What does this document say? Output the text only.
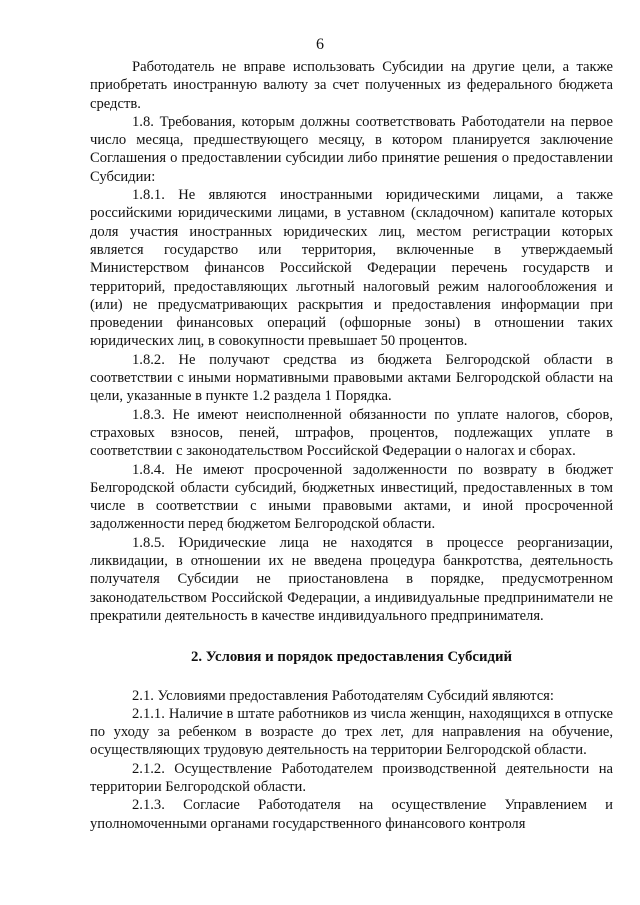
6

Работодатель не вправе использовать Субсидии на другие цели, а также приобретать иностранную валюту за счет полученных из федерального бюджета средств.

1.8. Требования, которым должны соответствовать Работодатели на первое число месяца, предшествующего месяцу, в котором планируется заключение Соглашения о предоставлении субсидии либо принятие решения о предоставлении Субсидии:

1.8.1. Не являются иностранными юридическими лицами, а также российскими юридическими лицами, в уставном (складочном) капитале которых доля участия иностранных юридических лиц, местом регистрации которых является государство или территория, включенные в утверждаемый Министерством финансов Российской Федерации перечень государств и территорий, предоставляющих льготный налоговый режим налогообложения и (или) не предусматривающих раскрытия и предоставления информации при проведении финансовых операций (офшорные зоны) в отношении таких юридических лиц, в совокупности превышает 50 процентов.

1.8.2. Не получают средства из бюджета Белгородской области в соответствии с иными нормативными правовыми актами Белгородской области на цели, указанные в пункте 1.2 раздела 1 Порядка.

1.8.3. Не имеют неисполненной обязанности по уплате налогов, сборов, страховых взносов, пеней, штрафов, процентов, подлежащих уплате в соответствии с законодательством Российской Федерации о налогах и сборах.

1.8.4. Не имеют просроченной задолженности по возврату в бюджет Белгородской области субсидий, бюджетных инвестиций, предоставленных в том числе в соответствии с иными правовыми актами, и иной просроченной задолженности перед бюджетом Белгородской области.

1.8.5. Юридические лица не находятся в процессе реорганизации, ликвидации, в отношении их не введена процедура банкротства, деятельность получателя Субсидии не приостановлена в порядке, предусмотренном законодательством Российской Федерации, а индивидуальные предприниматели не прекратили деятельность в качестве индивидуального предпринимателя.

2. Условия и порядок предоставления Субсидий

2.1. Условиями предоставления Работодателям Субсидий являются:

2.1.1. Наличие в штате работников из числа женщин, находящихся в отпуске по уходу за ребенком в возрасте до трех лет, для направления на обучение, осуществляющих трудовую деятельность на территории Белгородской области.

2.1.2. Осуществление Работодателем производственной деятельности на территории Белгородской области.

2.1.3. Согласие Работодателя на осуществление Управлением и уполномоченными органами государственного финансового контроля
